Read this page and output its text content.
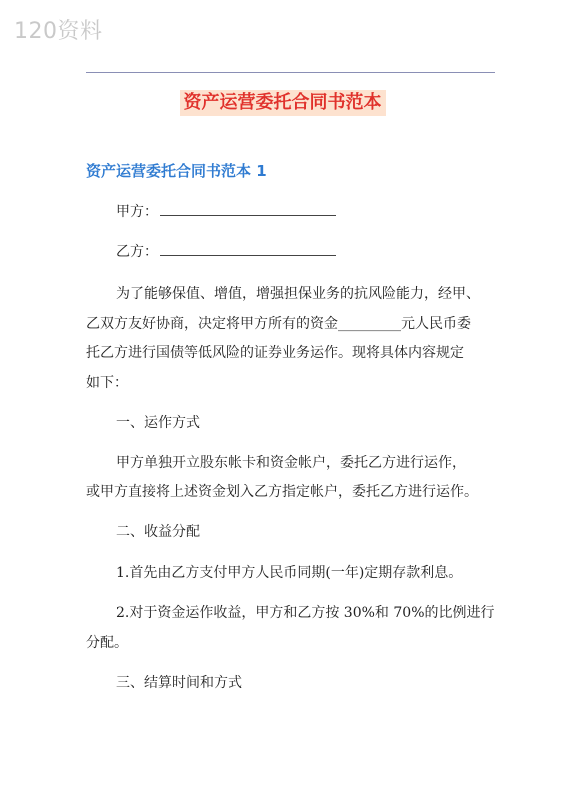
120资料
资产运营委托合同书范本
资产运营委托合同书范本 1
甲方：
乙方：
为了能够保值、增值，增强担保业务的抗风险能力，经甲、
乙双方友好协商，决定将甲方所有的资金_________元人民币委
托乙方进行国债等低风险的证券业务运作。现将具体内容规定
如下：
一、运作方式
甲方单独开立股东帐卡和资金帐户，委托乙方进行运作，
或甲方直接将上述资金划入乙方指定帐户，委托乙方进行运作。
二、收益分配
1.首先由乙方支付甲方人民币同期(一年)定期存款利息。
2.对于资金运作收益，甲方和乙方按 30%和 70%的比例进行
分配。
三、结算时间和方式
